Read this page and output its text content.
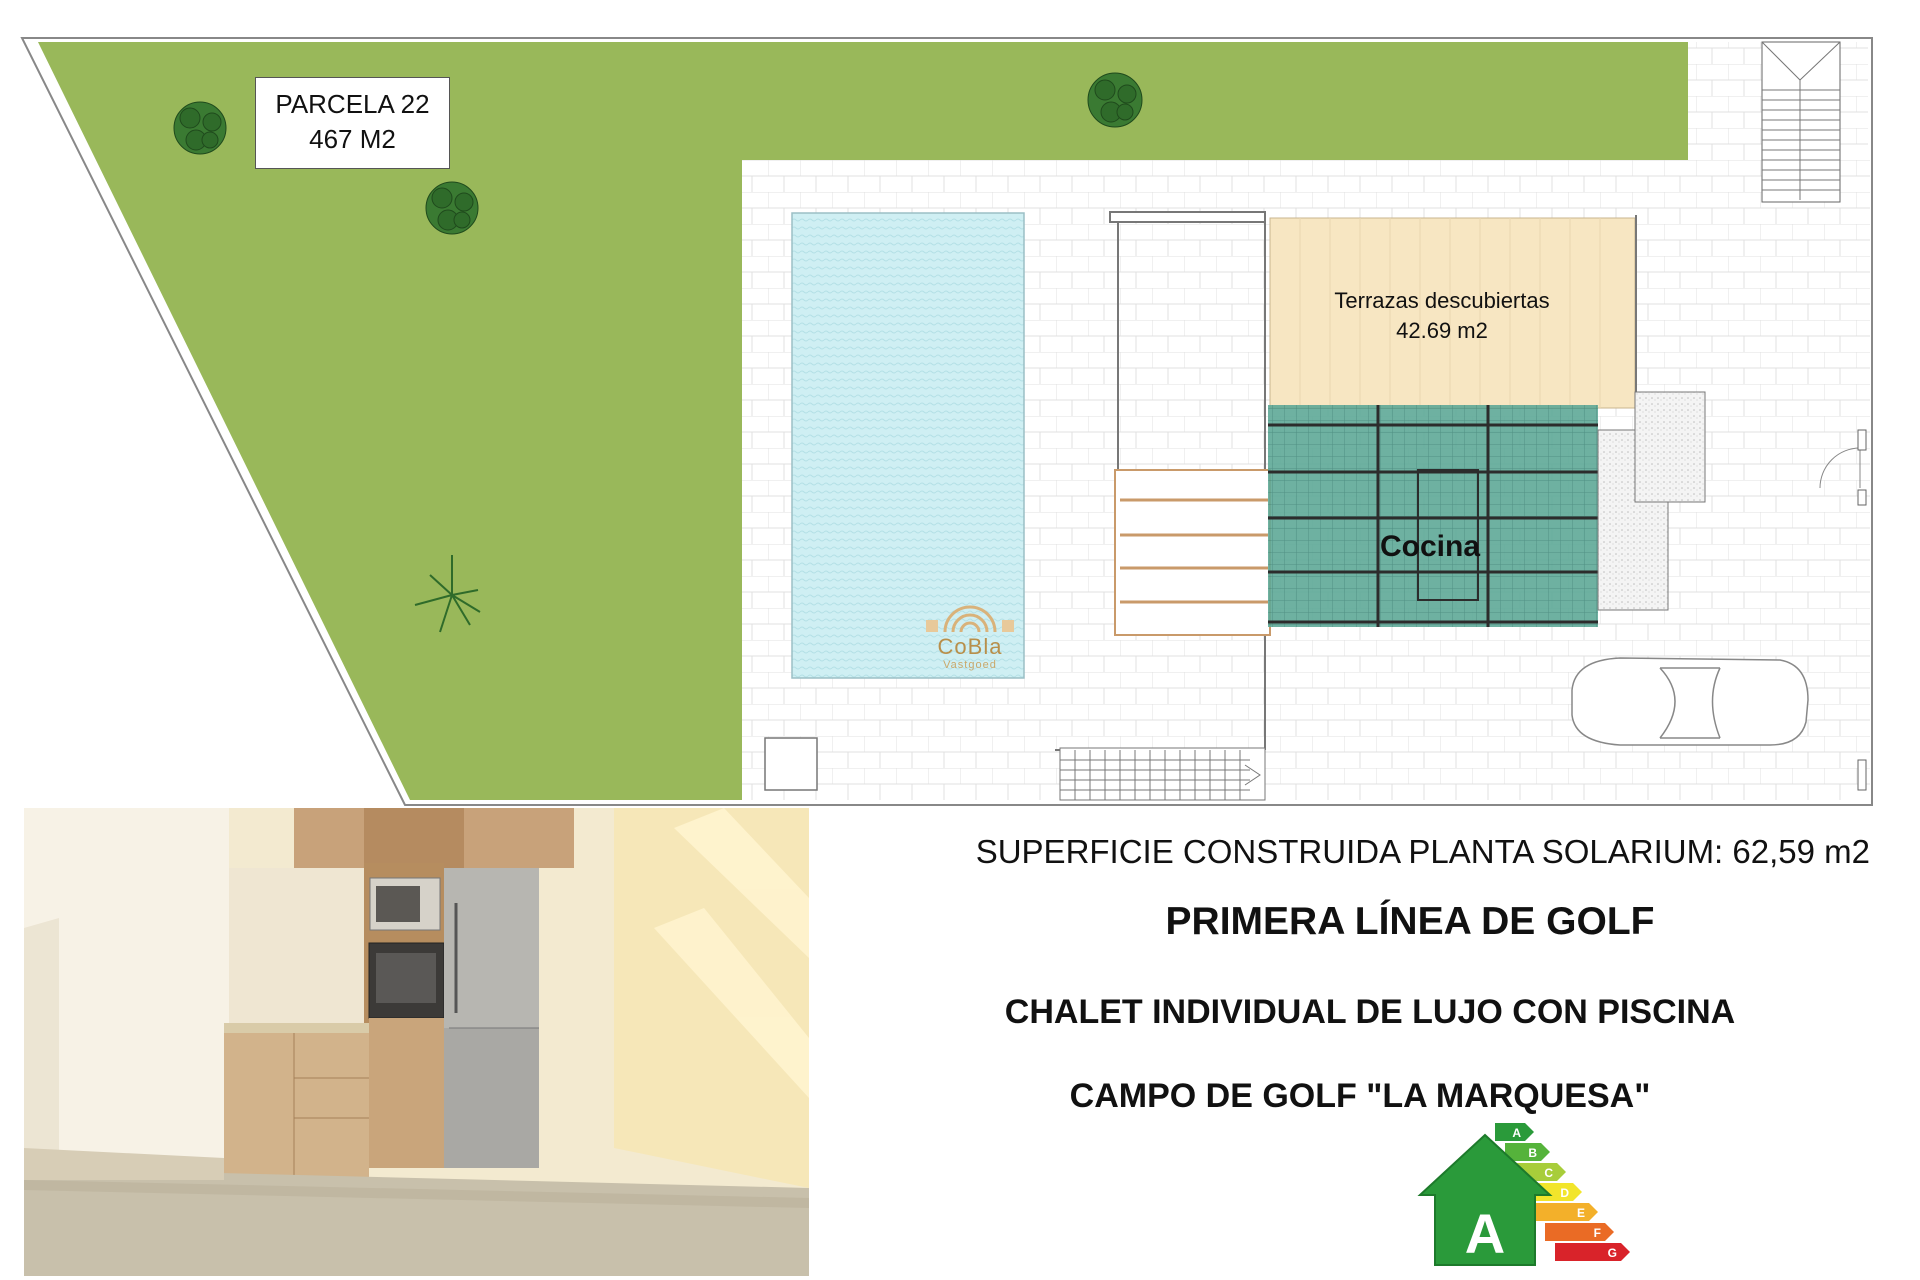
PARCELA 22
467 M2
Terrazas descubiertas
42.69 m2
Cocina
CoBla
Vastgoed
SUPERFICIE CONSTRUIDA PLANTA SOLARIUM: 62,59 m2
PRIMERA LÍNEA DE GOLF
CHALET INDIVIDUAL DE LUJO CON PISCINA
CAMPO DE GOLF "LA MARQUESA"
A
B
C
D
E
F
G
A
